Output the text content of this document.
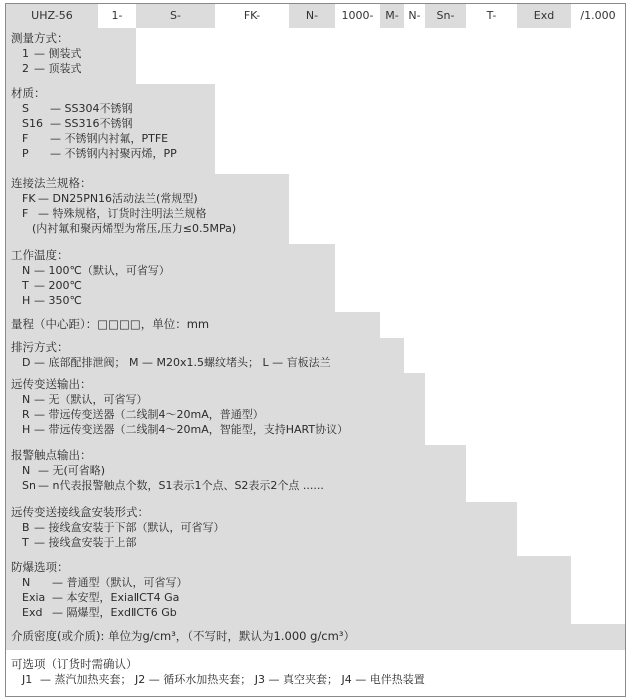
UHZ-56	1-	S-	FK-	N-	1000-	M- N-	Sn-	T-	Exd	/1.000
测量方式：
1 — 侧装式
2 — 顶装式
材质：
S — SS304不锈钢
S16 — SS316不锈钢
F — 不锈钢内衬氟，PTFE
P — 不锈钢内衬聚丙烯，PP
连接法兰规格：
FK — DN25PN16活动法兰(常规型)
F — 特殊规格，订货时注明法兰规格
(内衬氟和聚丙烯型为常压,压力≤0.5MPa)
工作温度：
N — 100℃（默认，可省写）
T — 200℃
H — 350℃
量程（中心距）：□□□□，单位：mm
排污方式：
D — 底部配排泄阀； M — M20x1.5螺纹堵头； L — 盲板法兰
远传变送输出：
N — 无（默认，可省写）
R — 带远传变送器（二线制4～20mA，普通型）
H — 带远传变送器（二线制4～20mA，智能型，支持HART协议）
报警触点输出：
N — 无(可省略)
Sn — n代表报警触点个数，S1表示1个点、S2表示2个点 ......
远传变送接线盒安装形式：
B — 接线盒安装于下部（默认，可省写）
T — 接线盒安装于上部
防爆选项：
N — 普通型（默认，可省写）
Exia — 本安型，ExiaⅡCT4 Ga
Exd — 隔爆型，ExdⅡCT6 Gb
介质密度(或介质): 单位为g/cm³，（不写时，默认为1.000 g/cm³）
可选项（订货时需确认）
J1 — 蒸汽加热夹套； J2 — 循环水加热夹套； J3 — 真空夹套； J4 — 电伴热装置
